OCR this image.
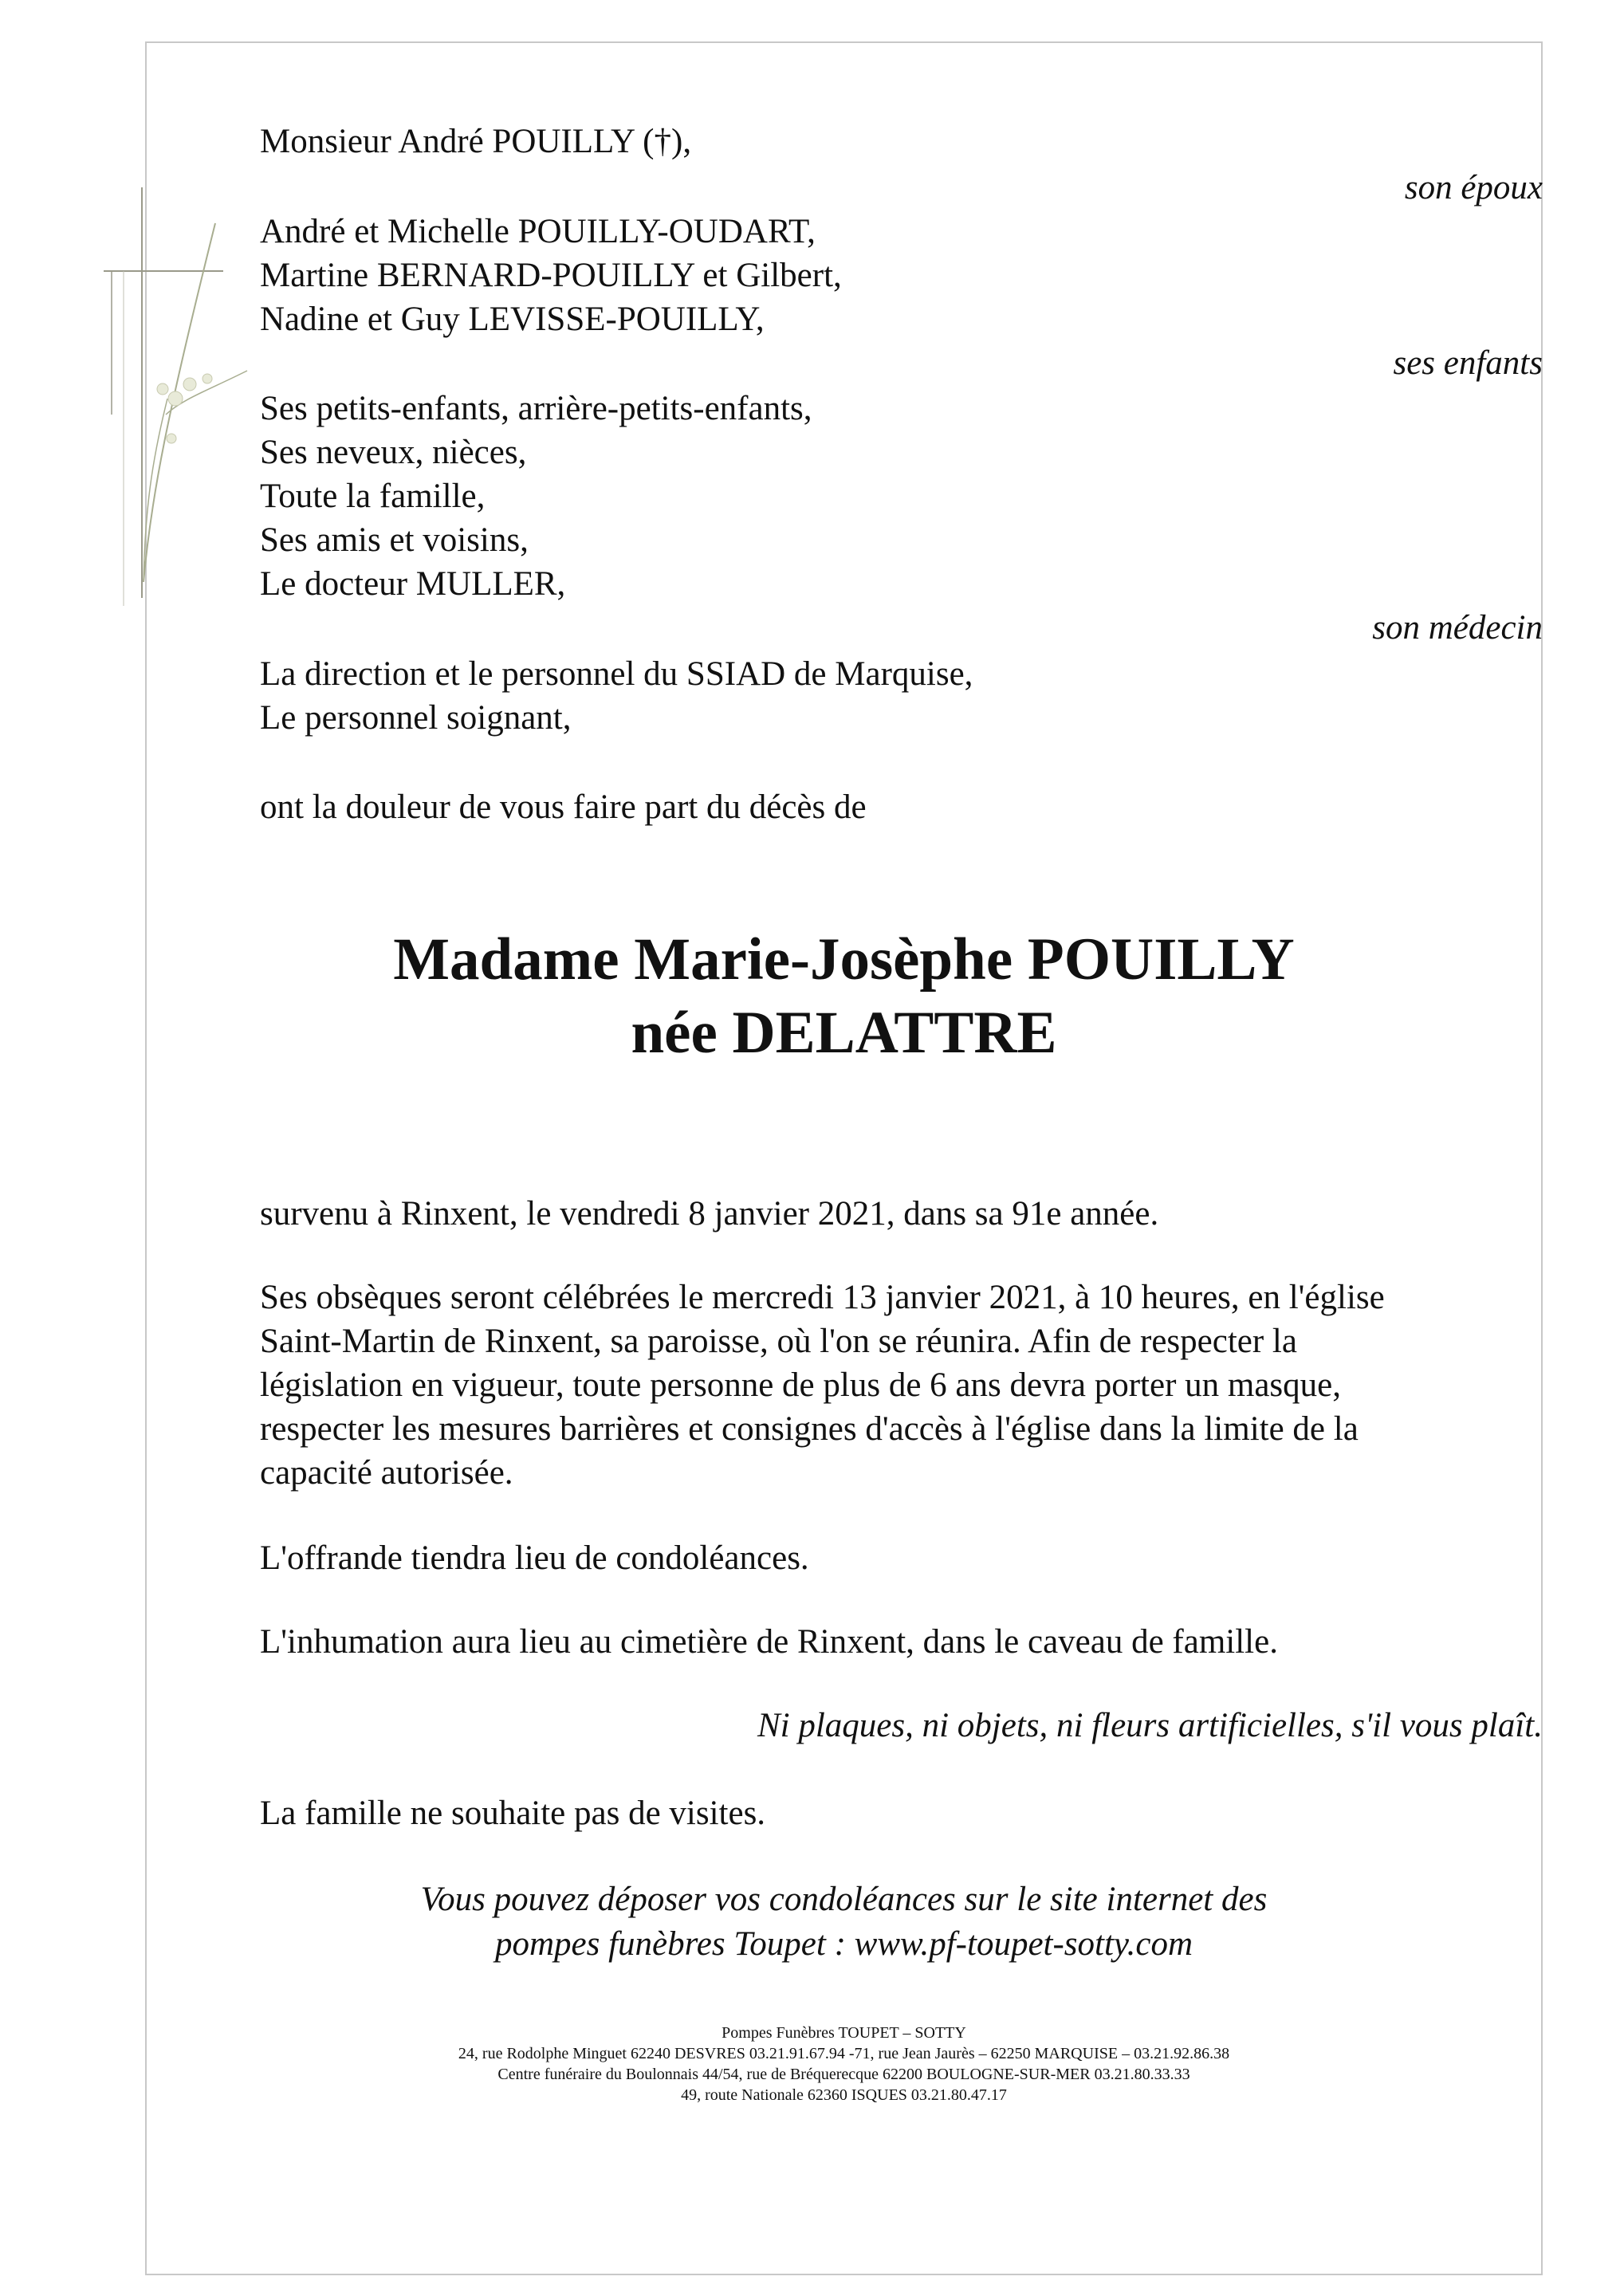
Monsieur André POUILLY (†),
son époux
André et Michelle POUILLY-OUDART,
Martine BERNARD-POUILLY et Gilbert,
Nadine et Guy LEVISSE-POUILLY,
ses enfants
Ses petits-enfants, arrière-petits-enfants,
Ses neveux, nièces,
Toute la famille,
Ses amis et voisins,
Le docteur MULLER,
son médecin
La direction et le personnel du SSIAD de Marquise,
Le personnel soignant,
ont la douleur de vous faire part du décès de
Madame Marie-Josèphe POUILLY
née DELATTRE
survenu à Rinxent, le vendredi 8 janvier 2021, dans sa 91e année.
Ses obsèques seront célébrées le mercredi 13 janvier 2021, à 10 heures, en l'église
Saint-Martin de Rinxent, sa paroisse, où l'on se réunira. Afin de respecter la
législation en vigueur, toute personne de plus de 6 ans devra porter un masque,
respecter les mesures barrières et consignes d'accès à l'église dans la limite de la
capacité autorisée.
L'offrande tiendra lieu de condoléances.
L'inhumation aura lieu au cimetière de Rinxent, dans le caveau de famille.
Ni plaques, ni objets, ni fleurs artificielles, s'il vous plaît.
La famille ne souhaite pas de visites.
Vous pouvez déposer vos condoléances sur le site internet des
pompes funèbres Toupet : www.pf-toupet-sotty.com
Pompes Funèbres TOUPET – SOTTY
24, rue Rodolphe Minguet 62240 DESVRES 03.21.91.67.94 -71, rue Jean Jaurès – 62250 MARQUISE – 03.21.92.86.38
Centre funéraire du Boulonnais 44/54, rue de Bréquerecque 62200 BOULOGNE-SUR-MER 03.21.80.33.33
49, route Nationale 62360 ISQUES 03.21.80.47.17
